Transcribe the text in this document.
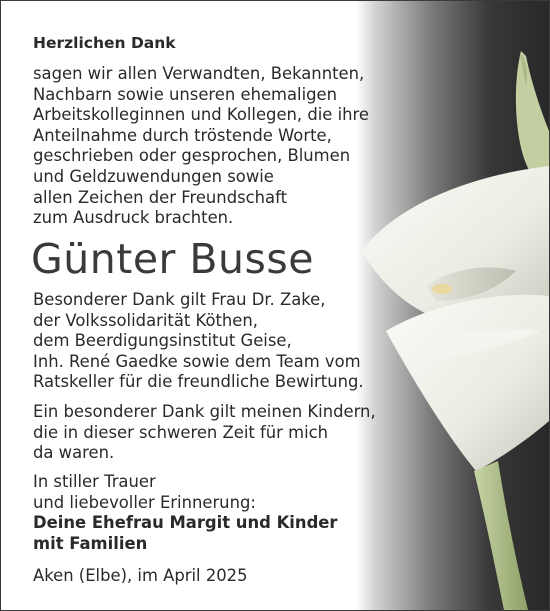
Herzlichen Dank
sagen wir allen Verwandten, Bekannten,
Nachbarn sowie unseren ehemaligen
Arbeitskolleginnen und Kollegen, die ihre
Anteilnahme durch tröstende Worte,
geschrieben oder gesprochen, Blumen
und Geldzuwendungen sowie
allen Zeichen der Freundschaft
zum Ausdruck brachten.
Günter Busse
Besonderer Dank gilt Frau Dr. Zake,
der Volkssolidarität Köthen,
dem Beerdigungsinstitut Geise,
Inh. René Gaedke sowie dem Team vom
Ratskeller für die freundliche Bewirtung.
Ein besonderer Dank gilt meinen Kindern,
die in dieser schweren Zeit für mich
da waren.
In stiller Trauer
und liebevoller Erinnerung:
Deine Ehefrau Margit und Kinder
mit Familien
Aken (Elbe), im April 2025
